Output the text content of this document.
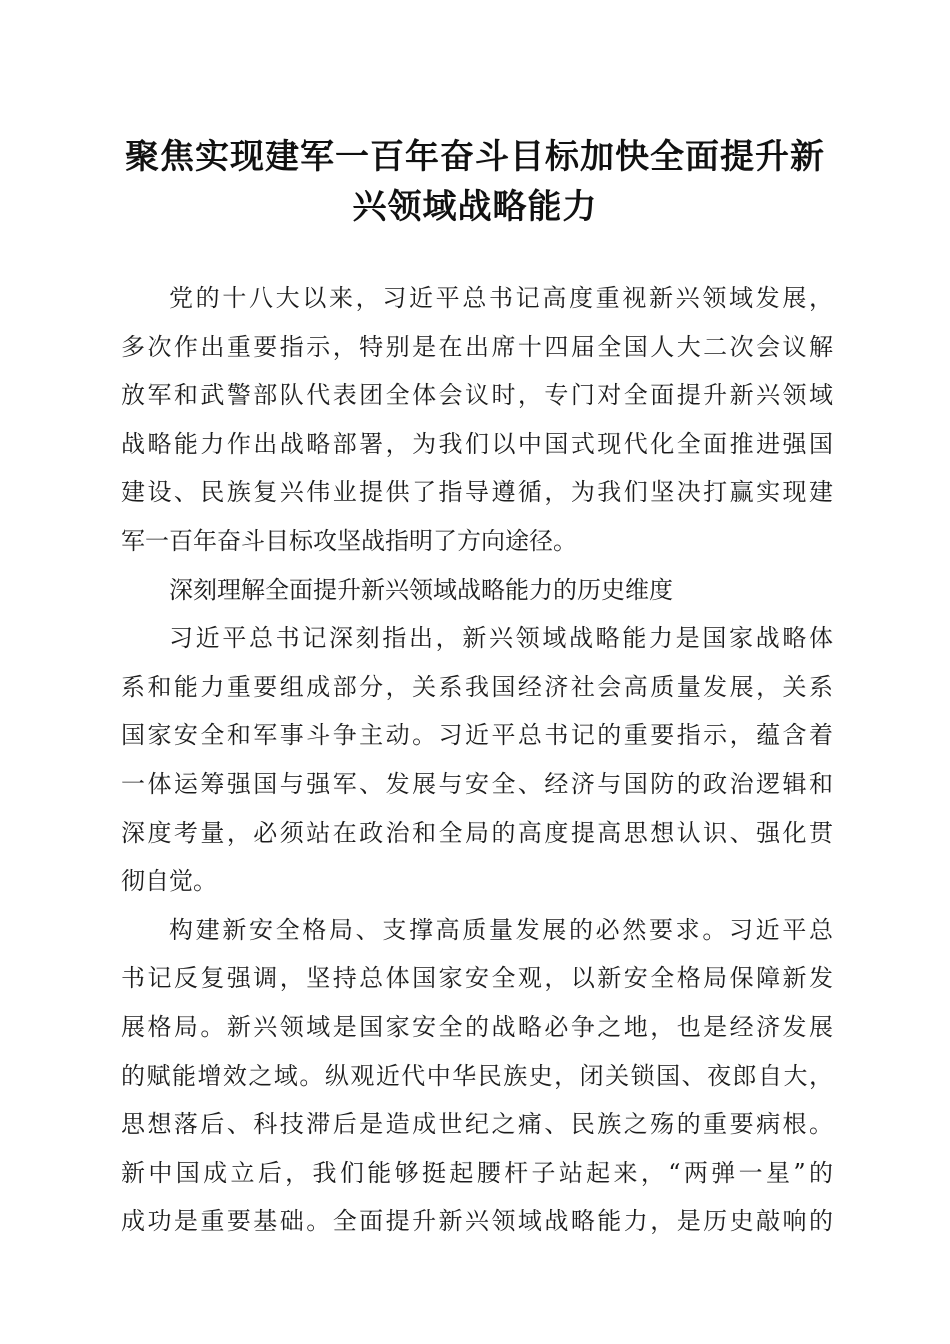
聚焦实现建军一百年奋斗目标加快全面提升新
兴领域战略能力
党的十八大以来，习近平总书记高度重视新兴领域发展，
多次作出重要指示，特别是在出席十四届全国人大二次会议解
放军和武警部队代表团全体会议时，专门对全面提升新兴领域
战略能力作出战略部署，为我们以中国式现代化全面推进强国
建设、民族复兴伟业提供了指导遵循，为我们坚决打赢实现建
军一百年奋斗目标攻坚战指明了方向途径。
深刻理解全面提升新兴领域战略能力的历史维度
习近平总书记深刻指出，新兴领域战略能力是国家战略体
系和能力重要组成部分，关系我国经济社会高质量发展，关系
国家安全和军事斗争主动。习近平总书记的重要指示，蕴含着
一体运筹强国与强军、发展与安全、经济与国防的政治逻辑和
深度考量，必须站在政治和全局的高度提高思想认识、强化贯
彻自觉。
构建新安全格局、支撑高质量发展的必然要求。习近平总
书记反复强调，坚持总体国家安全观，以新安全格局保障新发
展格局。新兴领域是国家安全的战略必争之地，也是经济发展
的赋能增效之域。纵观近代中华民族史，闭关锁国、夜郎自大，
思想落后、科技滞后是造成世纪之痛、民族之殇的重要病根。
新中国成立后，我们能够挺起腰杆子站起来，“两弹一星”的
成功是重要基础。全面提升新兴领域战略能力，是历史敲响的
